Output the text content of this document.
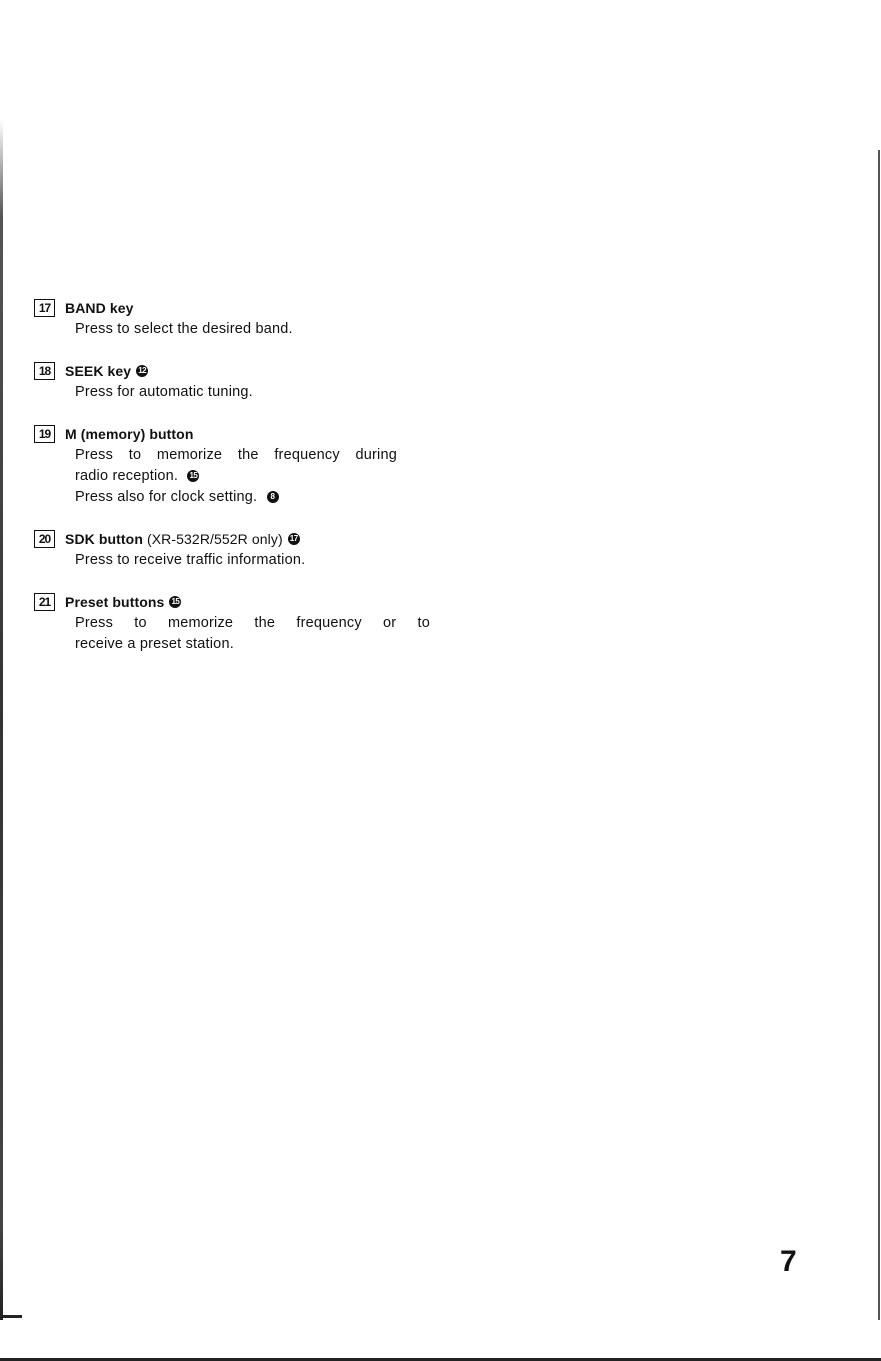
17	BAND key
Press to select the desired band.
18	SEEK key 12
Press for automatic tuning.
19	M (memory) button
Press to memorize the frequency during
radio reception. 15
Press also for clock setting. 8
20	SDK button (XR-532R/552R only) 17
Press to receive traffic information.
21	Preset buttons 15
Press to memorize the frequency or to
receive a preset station.
7
